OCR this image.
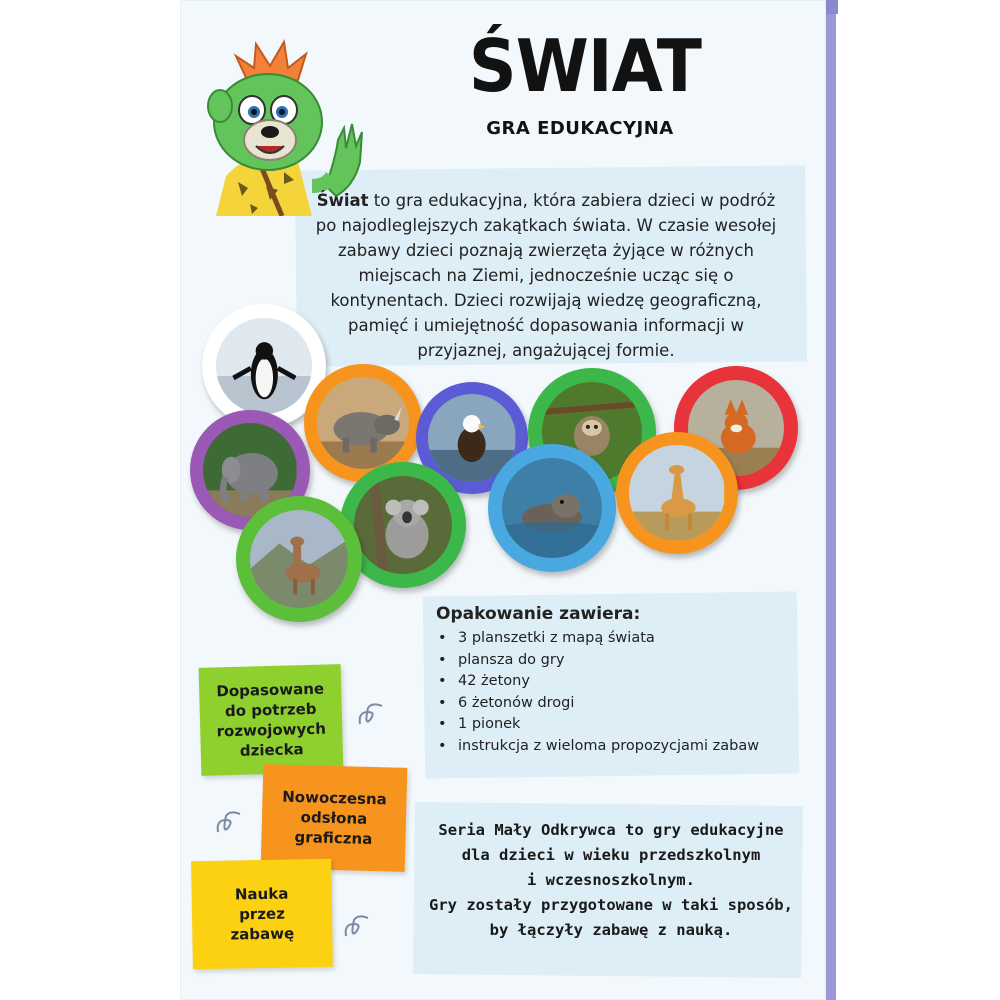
ŚWIAT
GRA EDUKACYJNA
Świat to gra edukacyjna, która zabiera dzieci w podróż po najodleglejszych zakątkach świata. W czasie wesołej zabawy dzieci poznają zwierzęta żyjące w różnych miejscach na Ziemi, jednocześnie ucząc się o kontynentach. Dzieci rozwijają wiedzę geograficzną, pamięć i umiejętność dopasowania informacji w przyjaznej, angażującej formie.
Opakowanie zawiera:
• 3 planszetki z mapą świata
• plansza do gry
• 42 żetony
• 6 żetonów drogi
• 1 pionek
• instrukcja z wieloma propozycjami zabaw
Seria Mały Odkrywca to gry edukacyjne
dla dzieci w wieku przedszkolnym
i wczesnoszkolnym.
Gry zostały przygotowane w taki sposób,
by łączyły zabawę z nauką.
Dopasowane
do potrzeb
rozwojowych
dziecka
Nowoczesna
odsłona
graficzna
Nauka
przez
zabawę
